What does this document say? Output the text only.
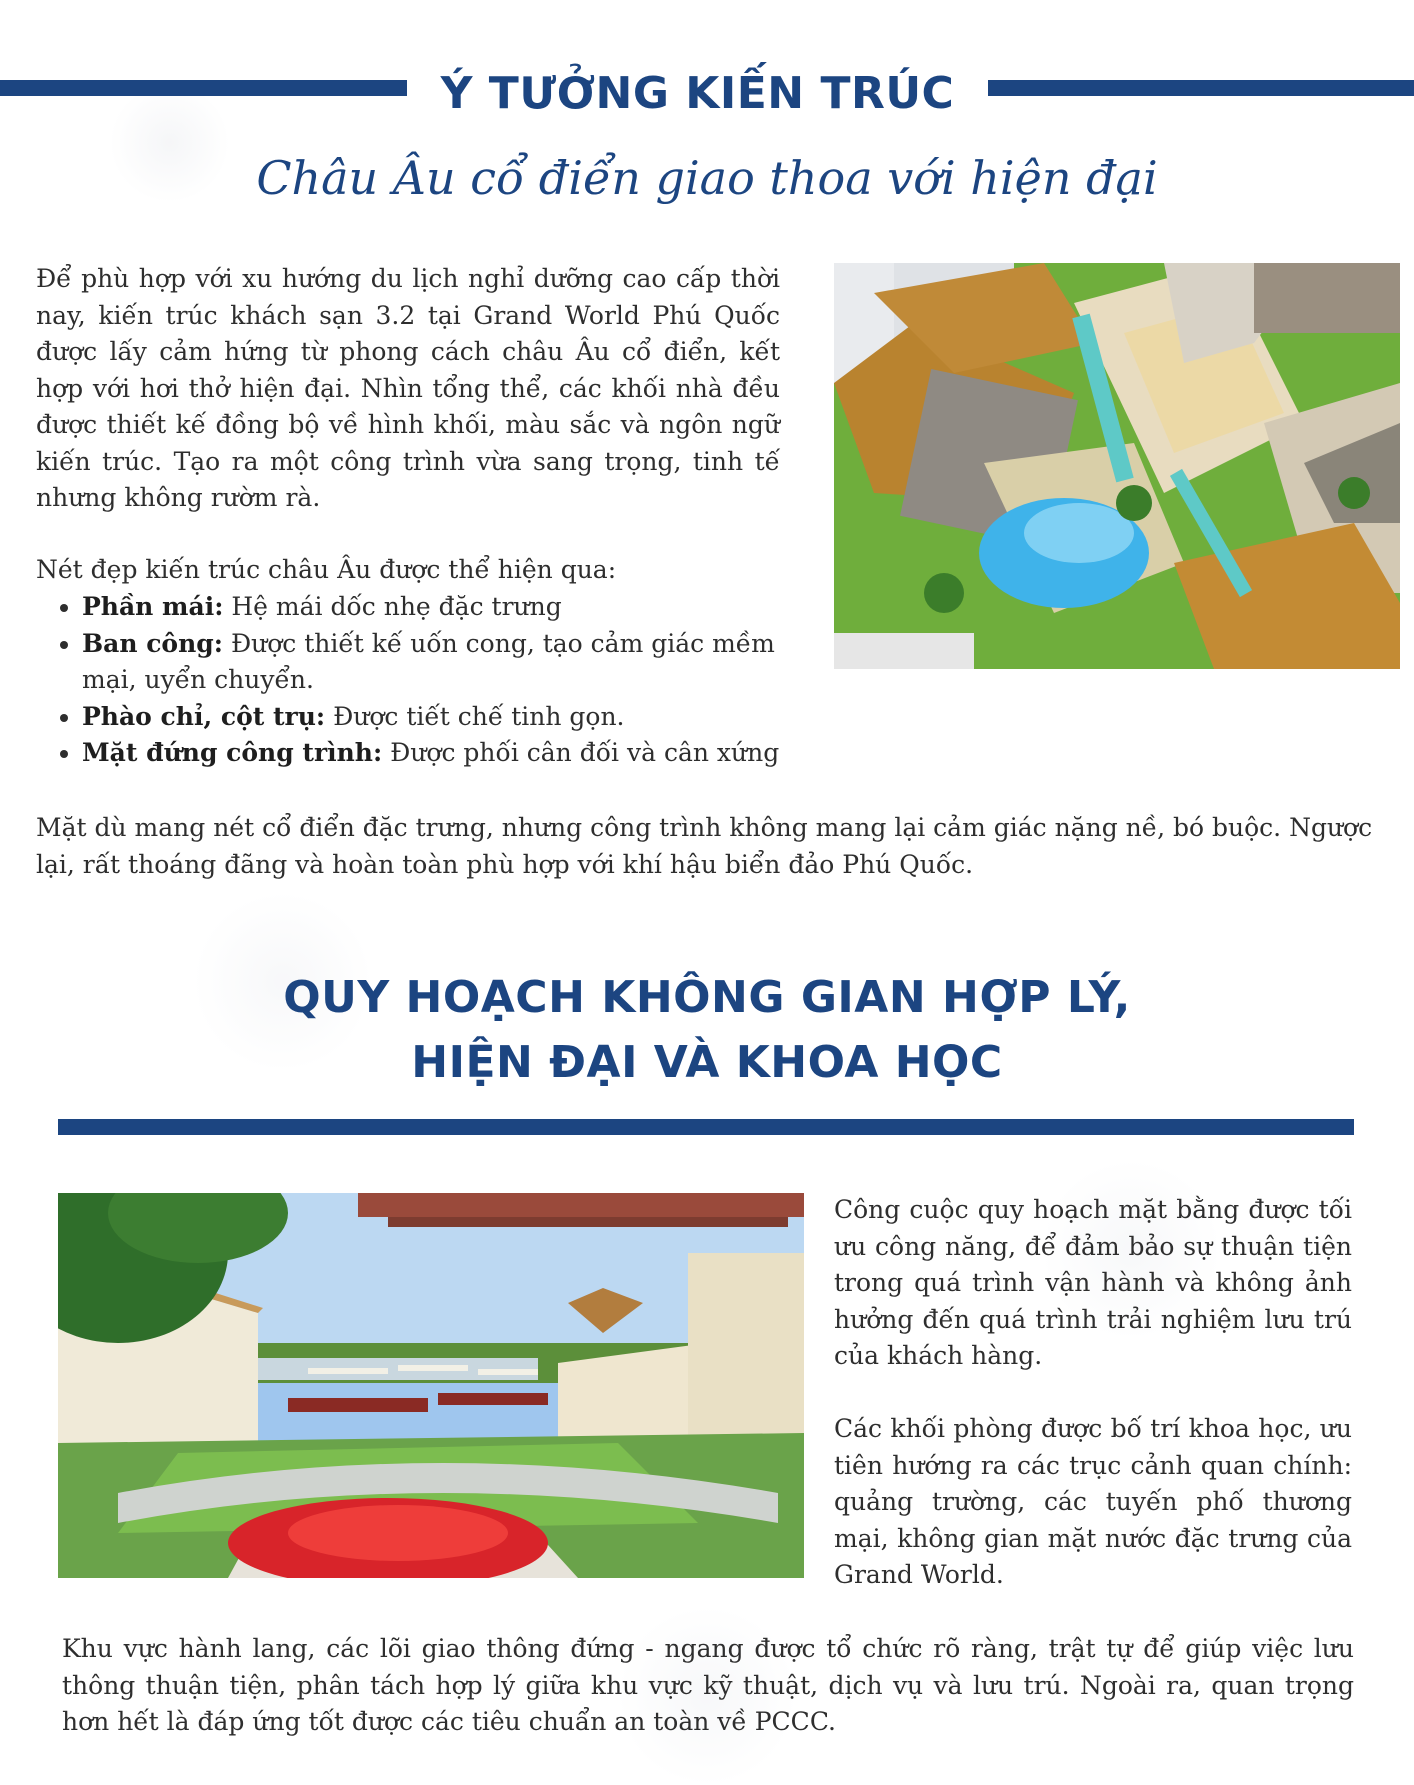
Ý TƯỞNG KIẾN TRÚC

Châu Âu cổ điển giao thoa với hiện đại

Để phù hợp với xu hướng du lịch nghỉ dưỡng cao cấp thời nay, kiến trúc khách sạn 3.2 tại Grand World Phú Quốc được lấy cảm hứng từ phong cách châu Âu cổ điển, kết hợp với hơi thở hiện đại. Nhìn tổng thể, các khối nhà đều được thiết kế đồng bộ về hình khối, màu sắc và ngôn ngữ kiến trúc. Tạo ra một công trình vừa sang trọng, tinh tế nhưng không rườm rà.

Nét đẹp kiến trúc châu Âu được thể hiện qua:

• Phần mái: Hệ mái dốc nhẹ đặc trưng
• Ban công: Được thiết kế uốn cong, tạo cảm giác mềm mại, uyển chuyển.
• Phào chỉ, cột trụ: Được tiết chế tinh gọn.
• Mặt đứng công trình: Được phối cân đối và cân xứng

Mặt dù mang nét cổ điển đặc trưng, nhưng công trình không mang lại cảm giác nặng nề, bó buộc. Ngược lại, rất thoáng đãng và hoàn toàn phù hợp với khí hậu biển đảo Phú Quốc.

QUY HOẠCH KHÔNG GIAN HỢP LÝ,
HIỆN ĐẠI VÀ KHOA HỌC

Công cuộc quy hoạch mặt bằng được tối ưu công năng, để đảm bảo sự thuận tiện trong quá trình vận hành và không ảnh hưởng đến quá trình trải nghiệm lưu trú của khách hàng.

Các khối phòng được bố trí khoa học, ưu tiên hướng ra các trục cảnh quan chính: quảng trường, các tuyến phố thương mại, không gian mặt nước đặc trưng của Grand World.

Khu vực hành lang, các lõi giao thông đứng - ngang được tổ chức rõ ràng, trật tự để giúp việc lưu thông thuận tiện, phân tách hợp lý giữa khu vực kỹ thuật, dịch vụ và lưu trú. Ngoài ra, quan trọng hơn hết là đáp ứng tốt được các tiêu chuẩn an toàn về PCCC.
